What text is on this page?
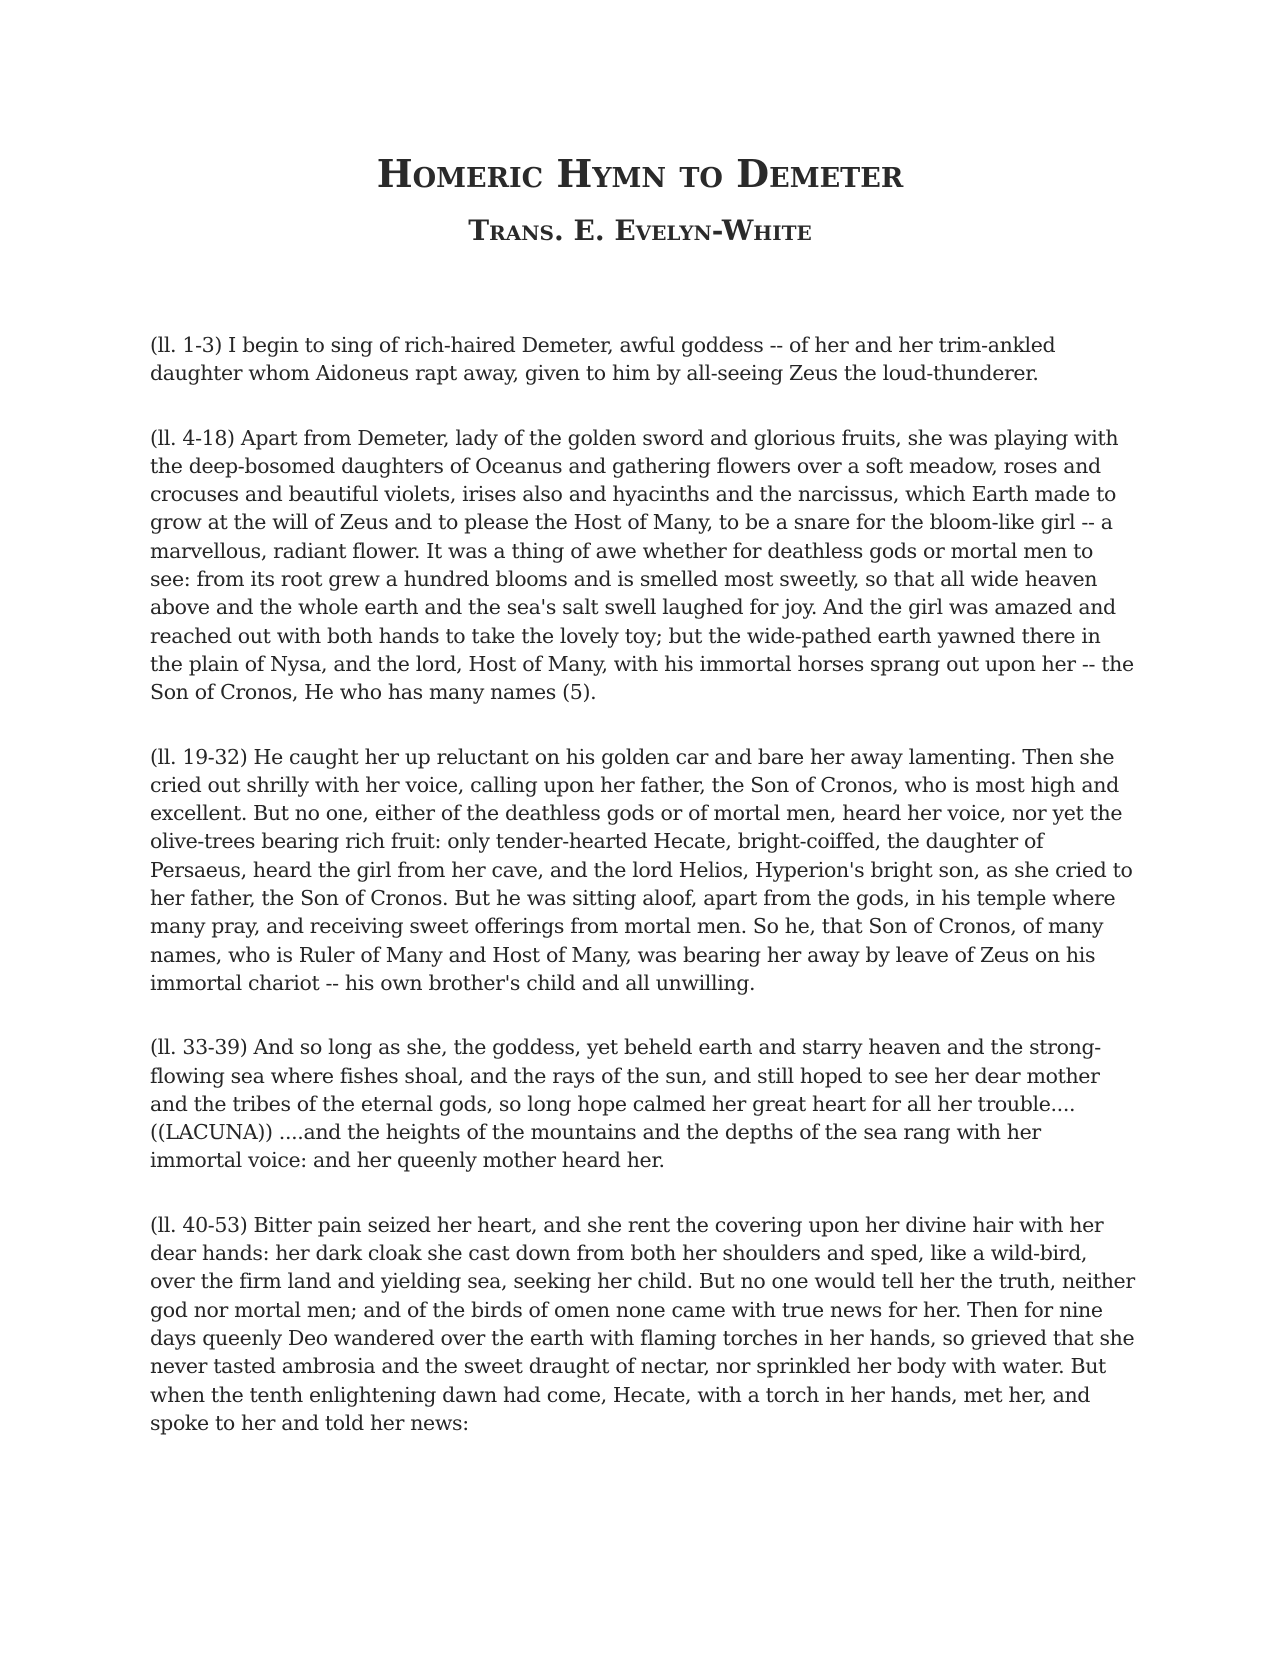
Homeric Hymn to Demeter
Trans. E. Evelyn-White

(ll. 1-3) I begin to sing of rich-haired Demeter, awful goddess -- of her and her trim-ankled daughter whom Aidoneus rapt away, given to him by all-seeing Zeus the loud-thunderer.

(ll. 4-18) Apart from Demeter, lady of the golden sword and glorious fruits, she was playing with the deep-bosomed daughters of Oceanus and gathering flowers over a soft meadow, roses and crocuses and beautiful violets, irises also and hyacinths and the narcissus, which Earth made to grow at the will of Zeus and to please the Host of Many, to be a snare for the bloom-like girl -- a marvellous, radiant flower. It was a thing of awe whether for deathless gods or mortal men to see: from its root grew a hundred blooms and is smelled most sweetly, so that all wide heaven above and the whole earth and the sea's salt swell laughed for joy. And the girl was amazed and reached out with both hands to take the lovely toy; but the wide-pathed earth yawned there in the plain of Nysa, and the lord, Host of Many, with his immortal horses sprang out upon her -- the Son of Cronos, He who has many names (5).

(ll. 19-32) He caught her up reluctant on his golden car and bare her away lamenting. Then she cried out shrilly with her voice, calling upon her father, the Son of Cronos, who is most high and excellent. But no one, either of the deathless gods or of mortal men, heard her voice, nor yet the olive-trees bearing rich fruit: only tender-hearted Hecate, bright-coiffed, the daughter of Persaeus, heard the girl from her cave, and the lord Helios, Hyperion's bright son, as she cried to her father, the Son of Cronos. But he was sitting aloof, apart from the gods, in his temple where many pray, and receiving sweet offerings from mortal men. So he, that Son of Cronos, of many names, who is Ruler of Many and Host of Many, was bearing her away by leave of Zeus on his immortal chariot -- his own brother's child and all unwilling.

(ll. 33-39) And so long as she, the goddess, yet beheld earth and starry heaven and the strong-flowing sea where fishes shoal, and the rays of the sun, and still hoped to see her dear mother and the tribes of the eternal gods, so long hope calmed her great heart for all her trouble.... ((LACUNA)) ....and the heights of the mountains and the depths of the sea rang with her immortal voice: and her queenly mother heard her.

(ll. 40-53) Bitter pain seized her heart, and she rent the covering upon her divine hair with her dear hands: her dark cloak she cast down from both her shoulders and sped, like a wild-bird, over the firm land and yielding sea, seeking her child. But no one would tell her the truth, neither god nor mortal men; and of the birds of omen none came with true news for her. Then for nine days queenly Deo wandered over the earth with flaming torches in her hands, so grieved that she never tasted ambrosia and the sweet draught of nectar, nor sprinkled her body with water. But when the tenth enlightening dawn had come, Hecate, with a torch in her hands, met her, and spoke to her and told her news:
